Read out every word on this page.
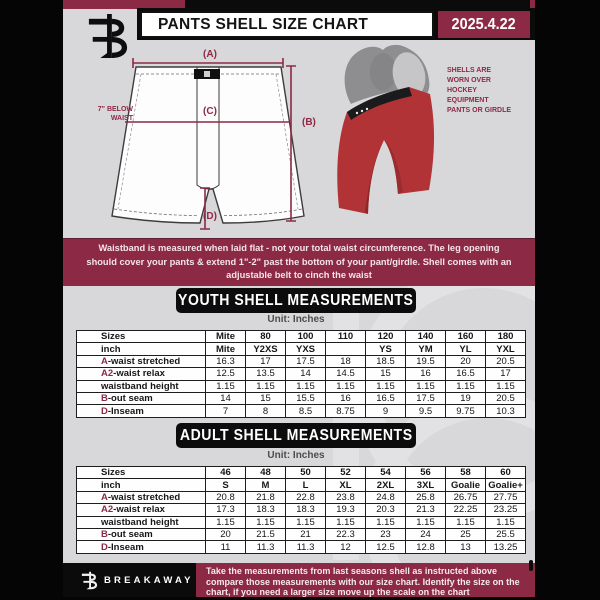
PANTS SHELL SIZE CHART	2025.4.22
(A)
(B)
(C)
(D)
7" BELOW WAIST
SHELLS ARE WORN OVER HOCKEY EQUIPMENT PANTS OR GIRDLE
Waistband is measured when laid flat - not your total waist circumference. The leg opening should cover your pants & extend 1"-2" past the bottom of your pant/girdle. Shell comes with an adjustable belt to cinch the waist
YOUTH SHELL MEASUREMENTS
Unit: Inches
Sizes	Mite	80	100	110	120	140	160	180
inch	Mite	Y2XS	YXS		YS	YM	YL	YXL
A-waist stretched	16.3	17	17.5	18	18.5	19.5	20	20.5
A2-waist relax	12.5	13.5	14	14.5	15	16	16.5	17
waistband height	1.15	1.15	1.15	1.15	1.15	1.15	1.15	1.15
B-out seam	14	15	15.5	16	16.5	17.5	19	20.5
D-Inseam	7	8	8.5	8.75	9	9.5	9.75	10.3
ADULT SHELL MEASUREMENTS
Unit: Inches
Sizes	46	48	50	52	54	56	58	60
inch	S	M	L	XL	2XL	3XL	Goalie	Goalie+
A-waist stretched	20.8	21.8	22.8	23.8	24.8	25.8	26.75	27.75
A2-waist relax	17.3	18.3	18.3	19.3	20.3	21.3	22.25	23.25
waistband height	1.15	1.15	1.15	1.15	1.15	1.15	1.15	1.15
B-out seam	20	21.5	21	22.3	23	24	25	25.5
D-Inseam	11	11.3	11.3	12	12.5	12.8	13	13.25
BREAKAWAY
Take the measurements from last seasons shell as instructed above compare those measurements with our size chart. Identify the size on the chart, if you need a larger size move up the scale on the chart
